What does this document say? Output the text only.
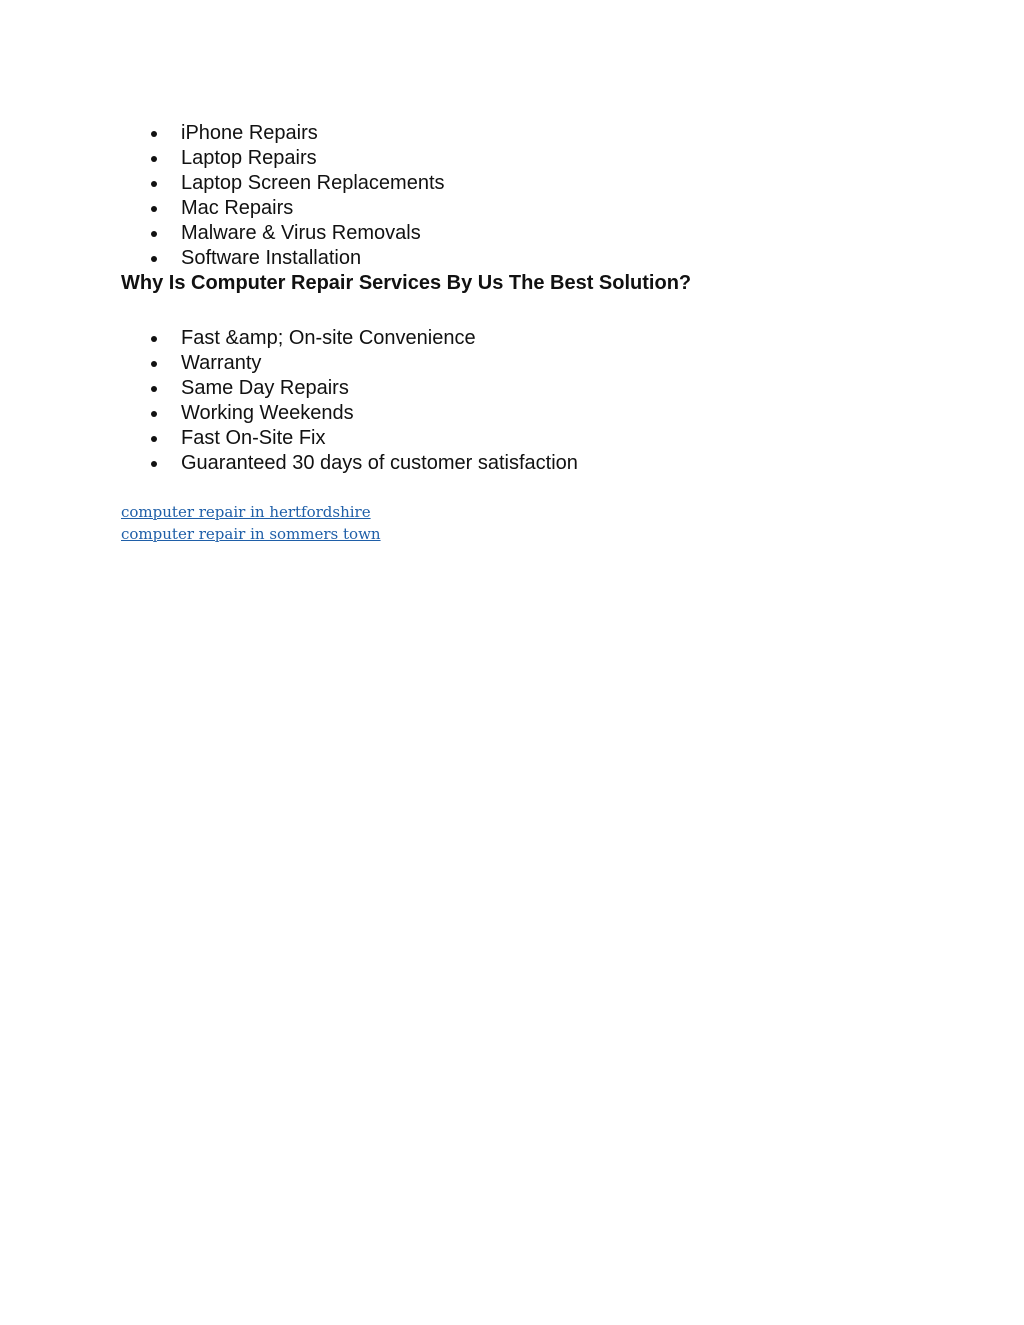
iPhone Repairs
Laptop Repairs
Laptop Screen Replacements
Mac Repairs
Malware & Virus Removals
Software Installation
Why Is Computer Repair Services By Us The Best Solution?
Fast &amp; On-site Convenience
Warranty
Same Day Repairs
Working Weekends
Fast On-Site Fix
Guaranteed 30 days of customer satisfaction
computer repair in hertfordshire
computer repair in sommers town
